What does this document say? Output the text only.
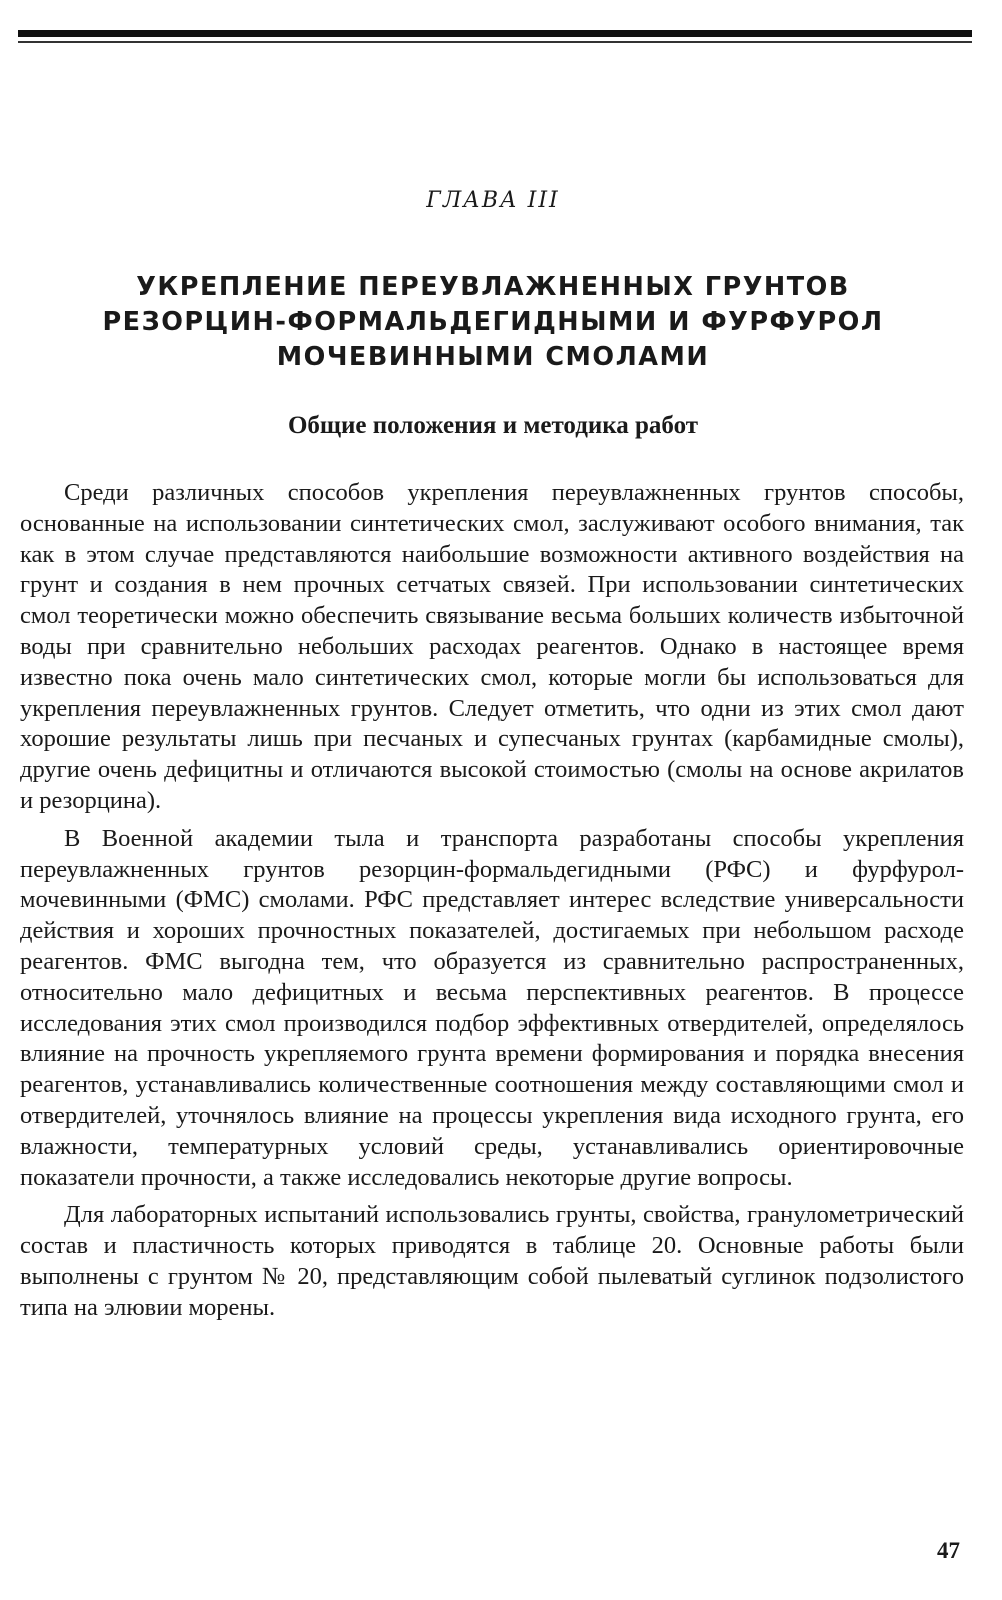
ГЛАВА III
УКРЕПЛЕНИЕ ПЕРЕУВЛАЖНЕННЫХ ГРУНТОВ
РЕЗОРЦИН-ФОРМАЛЬДЕГИДНЫМИ И ФУРФУРОЛ
МОЧЕВИННЫМИ СМОЛАМИ
Общие положения и методика работ

Среди различных способов укрепления переувлажненных грунтов способы, основанные на использовании синтетических смол, заслуживают особого внимания, так как в этом случае представляются наибольшие возможности активного воздействия на грунт и создания в нем прочных сетчатых связей. При использовании синтетических смол теоретически можно обеспечить связывание весьма больших количеств избыточной воды при сравнительно небольших расходах реагентов. Однако в настоящее время известно пока очень мало синтетических смол, которые могли бы использоваться для укрепления переувлажненных грунтов. Следует отметить, что одни из этих смол дают хорошие результаты лишь при песчаных и супесчаных грунтах (карбамидные смолы), другие очень дефицитны и отличаются высокой стоимостью (смолы на основе акрилатов и резорцина).

В Военной академии тыла и транспорта разработаны способы укрепления переувлажненных грунтов резорцин-формальдегидными (РФС) и фурфурол-мочевинными (ФМС) смолами. РФС представляет интерес вследствие универсальности действия и хороших прочностных показателей, достигаемых при небольшом расходе реагентов. ФМС выгодна тем, что образуется из сравнительно распространенных, относительно мало дефицитных и весьма перспективных реагентов. В процессе исследования этих смол производился подбор эффективных отвердителей, определялось влияние на прочность укрепляемого грунта времени формирования и порядка внесения реагентов, устанавливались количественные соотношения между составляющими смол и отвердителей, уточнялось влияние на процессы укрепления вида исходного грунта, его влажности, температурных условий среды, устанавливались ориентировочные показатели прочности, а также исследовались некоторые другие вопросы.

Для лабораторных испытаний использовались грунты, свойства, гранулометрический состав и пластичность которых приводятся в таблице 20. Основные работы были выполнены с грунтом № 20, представляющим собой пылеватый суглинок подзолистого типа на элювии морены.

47
